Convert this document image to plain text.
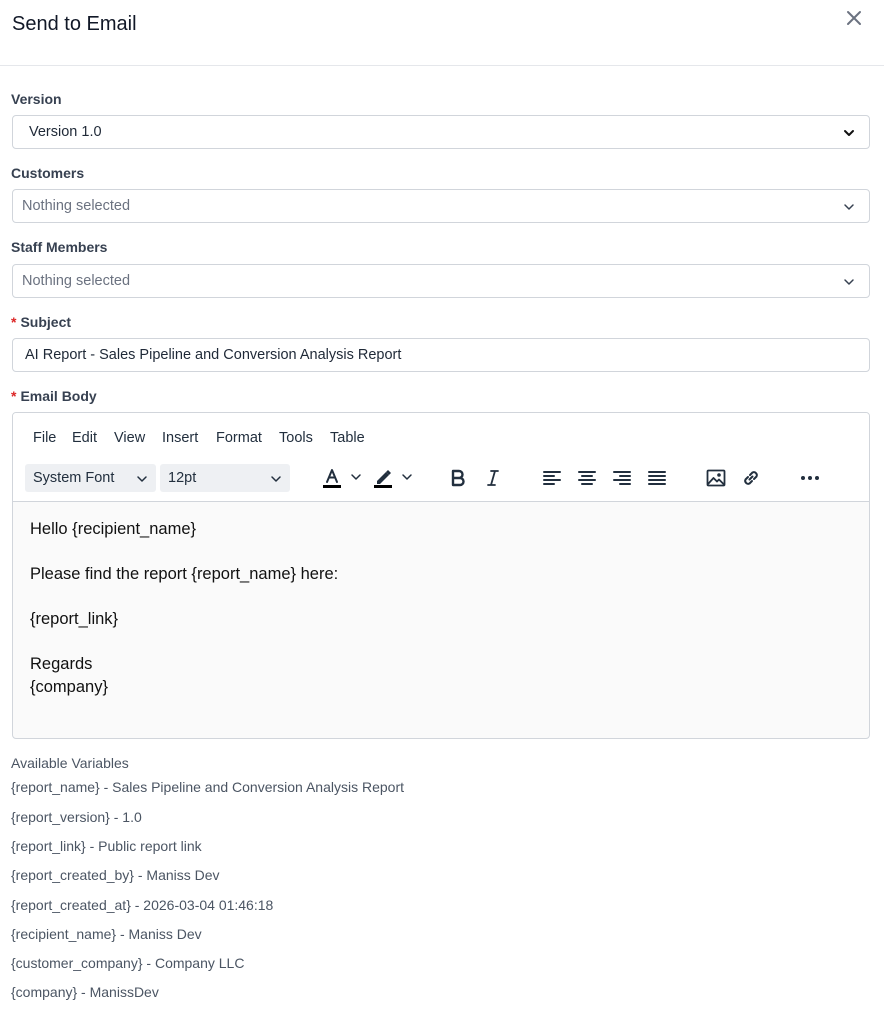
Send to Email
Version
Version 1.0
Customers
Nothing selected
Staff Members
Nothing selected
* Subject
AI Report - Sales Pipeline and Conversion Analysis Report
* Email Body
File Edit View Insert Format Tools Table
System Font	12pt

Hello {recipient_name}

Please find the report {report_name} here:

{report_link}

Regards

{company}

Available Variables
{report_name} - Sales Pipeline and Conversion Analysis Report
{report_version} - 1.0
{report_link} - Public report link
{report_created_by} - Maniss Dev
{report_created_at} - 2026-03-04 01:46:18
{recipient_name} - Maniss Dev
{customer_company} - Company LLC
{company} - ManissDev
